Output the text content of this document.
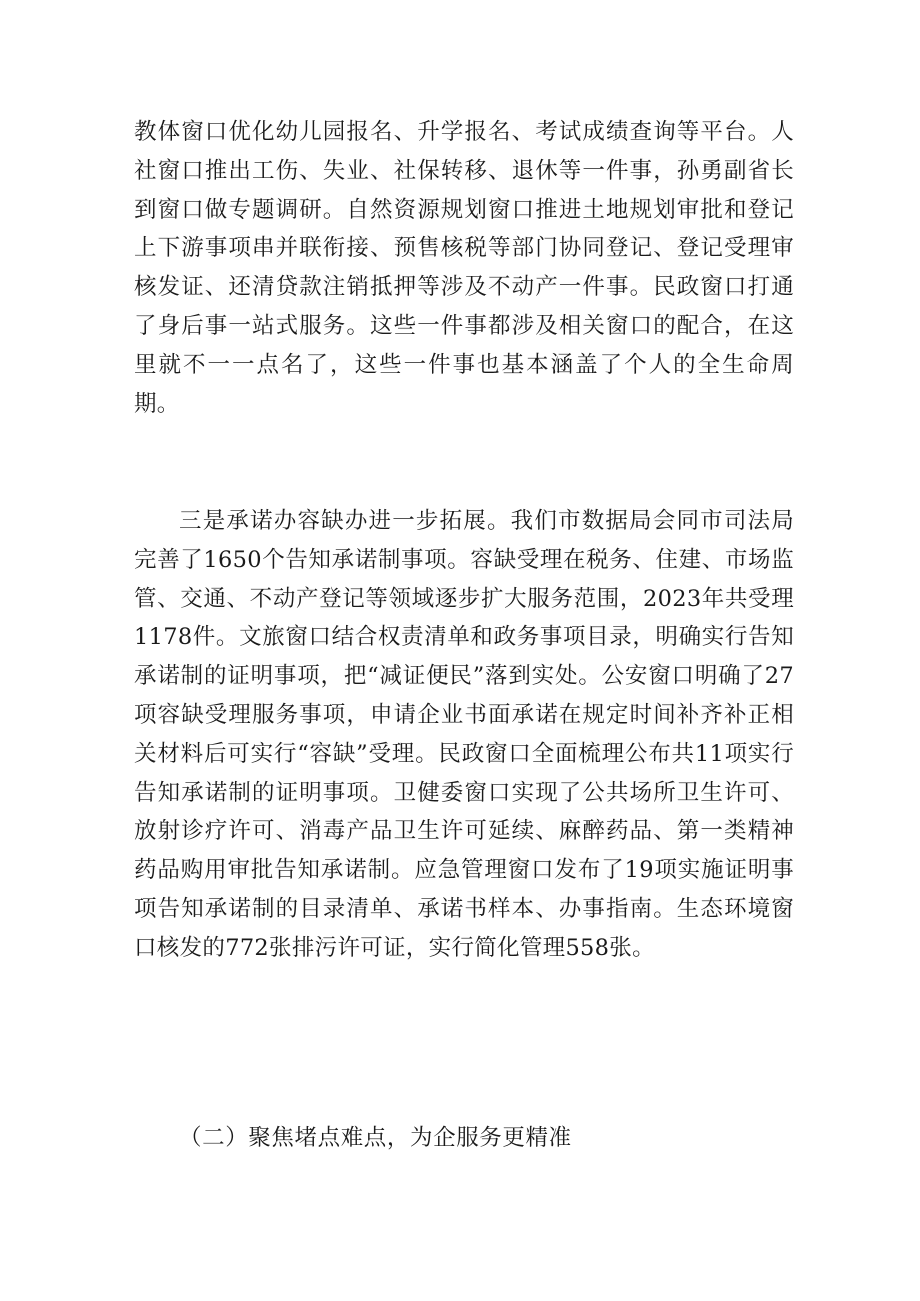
教体窗口优化幼儿园报名、升学报名、考试成绩查询等平台。人社窗口推出工伤、失业、社保转移、退休等一件事，孙勇副省长到窗口做专题调研。自然资源规划窗口推进土地规划审批和登记上下游事项串并联衔接、预售核税等部门协同登记、登记受理审核发证、还清贷款注销抵押等涉及不动产一件事。民政窗口打通了身后事一站式服务。这些一件事都涉及相关窗口的配合，在这里就不一一点名了，这些一件事也基本涵盖了个人的全生命周期。

三是承诺办容缺办进一步拓展。我们市数据局会同市司法局完善了1650个告知承诺制事项。容缺受理在税务、住建、市场监管、交通、不动产登记等领域逐步扩大服务范围，2023年共受理1178件。文旅窗口结合权责清单和政务事项目录，明确实行告知承诺制的证明事项，把“减证便民”落到实处。公安窗口明确了27项容缺受理服务事项，申请企业书面承诺在规定时间补齐补正相关材料后可实行“容缺”受理。民政窗口全面梳理公布共11项实行告知承诺制的证明事项。卫健委窗口实现了公共场所卫生许可、放射诊疗许可、消毒产品卫生许可延续、麻醉药品、第一类精神药品购用审批告知承诺制。应急管理窗口发布了19项实施证明事项告知承诺制的目录清单、承诺书样本、办事指南。生态环境窗口核发的772张排污许可证，实行简化管理558张。

（二）聚焦堵点难点，为企服务更精准
